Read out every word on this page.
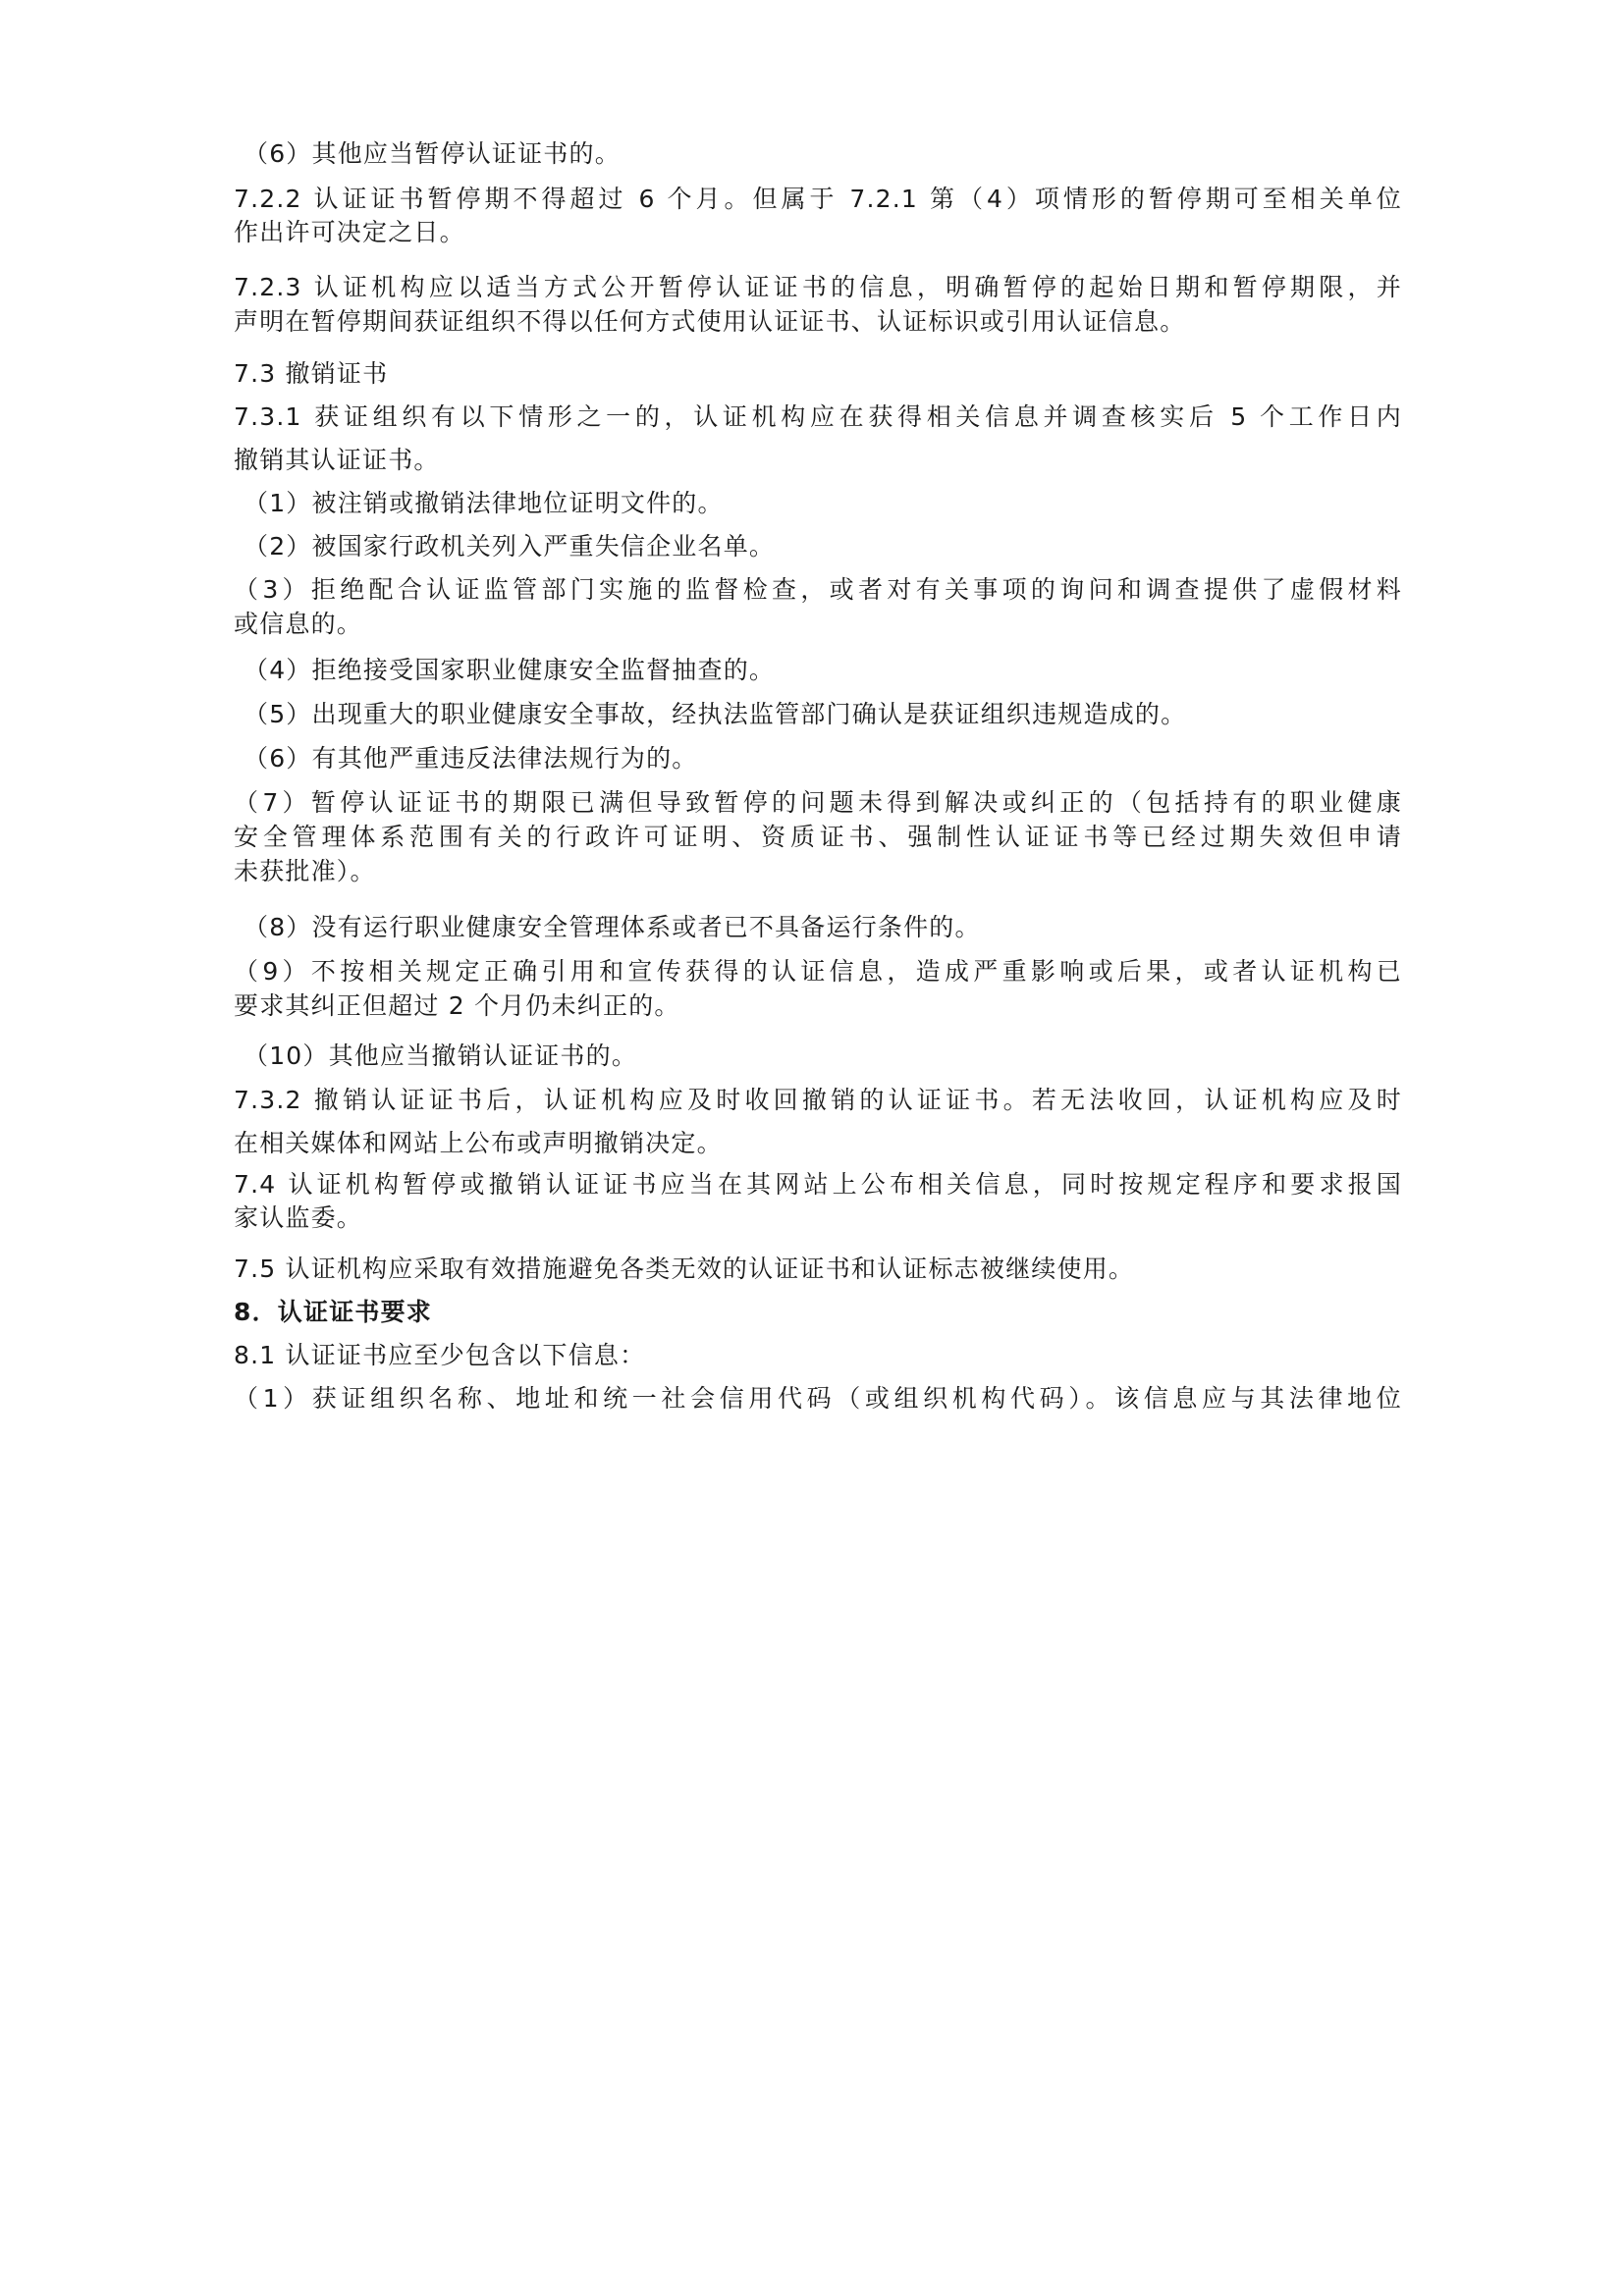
（6）其他应当暂停认证证书的。
7.2.2 认证证书暂停期不得超过 6 个月。但属于 7.2.1 第（4）项情形的暂停期可至相关单位
作出许可决定之日。
7.2.3 认证机构应以适当方式公开暂停认证证书的信息，明确暂停的起始日期和暂停期限，并
声明在暂停期间获证组织不得以任何方式使用认证证书、认证标识或引用认证信息。
7.3 撤销证书
7.3.1 获证组织有以下情形之一的，认证机构应在获得相关信息并调查核实后 5 个工作日内
撤销其认证证书。
（1）被注销或撤销法律地位证明文件的。
（2）被国家行政机关列入严重失信企业名单。
（3）拒绝配合认证监管部门实施的监督检查，或者对有关事项的询问和调查提供了虚假材料
或信息的。
（4）拒绝接受国家职业健康安全监督抽查的。
（5）出现重大的职业健康安全事故，经执法监管部门确认是获证组织违规造成的。
（6）有其他严重违反法律法规行为的。
（7）暂停认证证书的期限已满但导致暂停的问题未得到解决或纠正的（包括持有的职业健康
安全管理体系范围有关的行政许可证明、资质证书、强制性认证证书等已经过期失效但申请
未获批准）。
（8）没有运行职业健康安全管理体系或者已不具备运行条件的。
（9）不按相关规定正确引用和宣传获得的认证信息，造成严重影响或后果，或者认证机构已
要求其纠正但超过 2 个月仍未纠正的。
（10）其他应当撤销认证证书的。
7.3.2 撤销认证证书后，认证机构应及时收回撤销的认证证书。若无法收回，认证机构应及时
在相关媒体和网站上公布或声明撤销决定。
7.4 认证机构暂停或撤销认证证书应当在其网站上公布相关信息，同时按规定程序和要求报国
家认监委。
7.5 认证机构应采取有效措施避免各类无效的认证证书和认证标志被继续使用。
8．认证证书要求
8.1 认证证书应至少包含以下信息：
（1）获证组织名称、地址和统一社会信用代码（或组织机构代码）。该信息应与其法律地位
